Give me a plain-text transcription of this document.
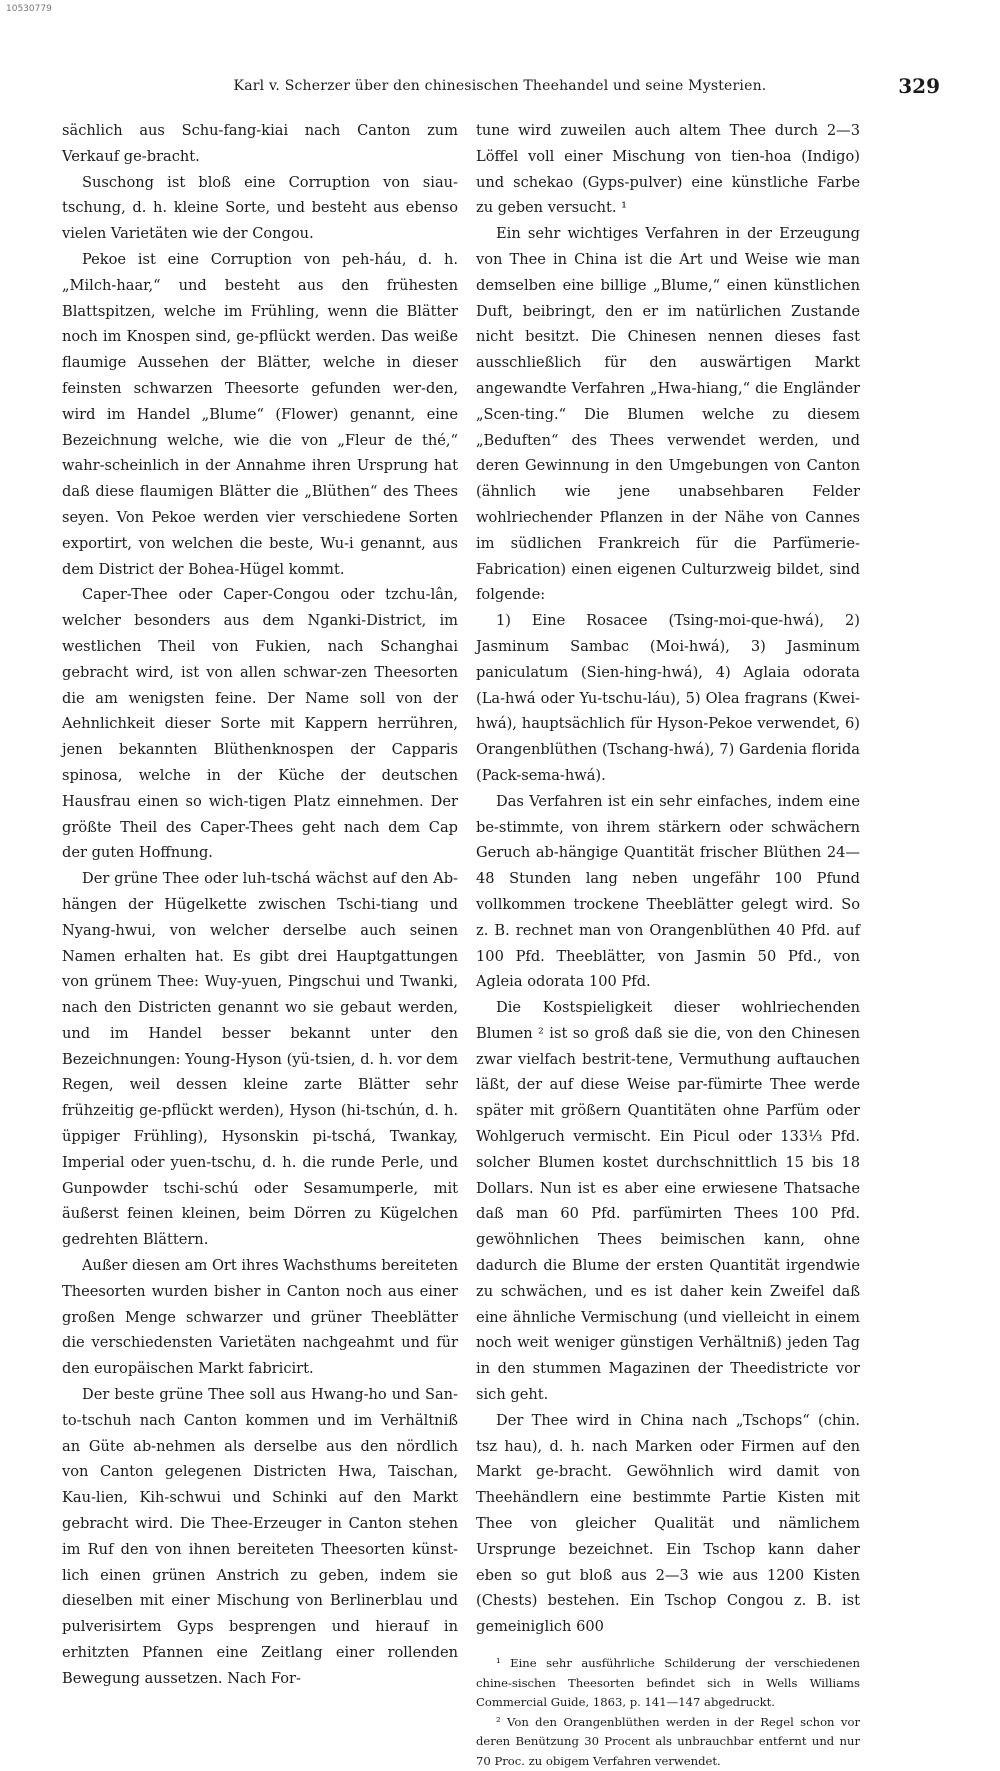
10530779
Karl v. Scherzer über den chinesischen Theehandel und seine Mysterien.	329

sächlich aus Schu-fang-kiai nach Canton zum Verkauf ge-bracht.

Suschong ist bloß eine Corruption von siau-tschung, d. h. kleine Sorte, und besteht aus ebenso vielen Varietäten wie der Congou.

Pekoe ist eine Corruption von peh-háu, d. h. „Milch-haar,“ und besteht aus den frühesten Blattspitzen, welche im Frühling, wenn die Blätter noch im Knospen sind, ge-pflückt werden. Das weiße flaumige Aussehen der Blätter, welche in dieser feinsten schwarzen Theesorte gefunden wer-den, wird im Handel „Blume“ (Flower) genannt, eine Bezeichnung welche, wie die von „Fleur de thé,“ wahr-scheinlich in der Annahme ihren Ursprung hat daß diese flaumigen Blätter die „Blüthen“ des Thees seyen. Von Pekoe werden vier verschiedene Sorten exportirt, von welchen die beste, Wu-i genannt, aus dem District der Bohea-Hügel kommt.

Caper-Thee oder Caper-Congou oder tzchu-lân, welcher besonders aus dem Nganki-District, im westlichen Theil von Fukien, nach Schanghai gebracht wird, ist von allen schwar-zen Theesorten die am wenigsten feine. Der Name soll von der Aehnlichkeit dieser Sorte mit Kappern herrühren, jenen bekannten Blüthenknospen der Capparis spinosa, welche in der Küche der deutschen Hausfrau einen so wich-tigen Platz einnehmen. Der größte Theil des Caper-Thees geht nach dem Cap der guten Hoffnung.

Der grüne Thee oder luh-tschá wächst auf den Ab-hängen der Hügelkette zwischen Tschi-tiang und Nyang-hwui, von welcher derselbe auch seinen Namen erhalten hat. Es gibt drei Hauptgattungen von grünem Thee: Wuy-yuen, Pingschui und Twanki, nach den Districten genannt wo sie gebaut werden, und im Handel besser bekannt unter den Bezeichnungen: Young-Hyson (yü-tsien, d. h. vor dem Regen, weil dessen kleine zarte Blätter sehr frühzeitig ge-pflückt werden), Hyson (hi-tschún, d. h. üppiger Frühling), Hysonskin pi-tschá, Twankay, Imperial oder yuen-tschu, d. h. die runde Perle, und Gunpowder tschi-schú oder Sesamumperle, mit äußerst feinen kleinen, beim Dörren zu Kügelchen gedrehten Blättern.

Außer diesen am Ort ihres Wachsthums bereiteten Theesorten wurden bisher in Canton noch aus einer großen Menge schwarzer und grüner Theeblätter die verschiedensten Varietäten nachgeahmt und für den europäischen Markt fabricirt.

Der beste grüne Thee soll aus Hwang-ho und San-to-tschuh nach Canton kommen und im Verhältniß an Güte ab-nehmen als derselbe aus den nördlich von Canton gelegenen Districten Hwa, Taischan, Kau-lien, Kih-schwui und Schinki auf den Markt gebracht wird. Die Thee-Erzeuger in Canton stehen im Ruf den von ihnen bereiteten Theesorten künst-lich einen grünen Anstrich zu geben, indem sie dieselben mit einer Mischung von Berlinerblau und pulverisirtem Gyps besprengen und hierauf in erhitzten Pfannen eine Zeitlang einer rollenden Bewegung aussetzen. Nach For-

tune wird zuweilen auch altem Thee durch 2—3 Löffel voll einer Mischung von tien-hoa (Indigo) und schekao (Gyps-pulver) eine künstliche Farbe zu geben versucht. ¹

Ein sehr wichtiges Verfahren in der Erzeugung von Thee in China ist die Art und Weise wie man demselben eine billige „Blume,“ einen künstlichen Duft, beibringt, den er im natürlichen Zustande nicht besitzt. Die Chinesen nennen dieses fast ausschließlich für den auswärtigen Markt angewandte Verfahren „Hwa-hiang,“ die Engländer „Scen-ting.“ Die Blumen welche zu diesem „Beduften“ des Thees verwendet werden, und deren Gewinnung in den Umgebungen von Canton (ähnlich wie jene unabsehbaren Felder wohlriechender Pflanzen in der Nähe von Cannes im südlichen Frankreich für die Parfümerie-Fabrication) einen eigenen Culturzweig bildet, sind folgende:

1) Eine Rosacee (Tsing-moi-que-hwá), 2) Jasminum Sambac (Moi-hwá), 3) Jasminum paniculatum (Sien-hing-hwá), 4) Aglaia odorata (La-hwá oder Yu-tschu-láu), 5) Olea fragrans (Kwei-hwá), hauptsächlich für Hyson-Pekoe verwendet, 6) Orangenblüthen (Tschang-hwá), 7) Gardenia florida (Pack-sema-hwá).

Das Verfahren ist ein sehr einfaches, indem eine be-stimmte, von ihrem stärkern oder schwächern Geruch ab-hängige Quantität frischer Blüthen 24—48 Stunden lang neben ungefähr 100 Pfund vollkommen trockene Theeblätter gelegt wird. So z. B. rechnet man von Orangenblüthen 40 Pfd. auf 100 Pfd. Theeblätter, von Jasmin 50 Pfd., von Agleia odorata 100 Pfd.

Die Kostspieligkeit dieser wohlriechenden Blumen ² ist so groß daß sie die, von den Chinesen zwar vielfach bestrit-tene, Vermuthung auftauchen läßt, der auf diese Weise par-fümirte Thee werde später mit größern Quantitäten ohne Parfüm oder Wohlgeruch vermischt. Ein Picul oder 133⅓ Pfd. solcher Blumen kostet durchschnittlich 15 bis 18 Dollars. Nun ist es aber eine erwiesene Thatsache daß man 60 Pfd. parfümirten Thees 100 Pfd. gewöhnlichen Thees beimischen kann, ohne dadurch die Blume der ersten Quantität irgendwie zu schwächen, und es ist daher kein Zweifel daß eine ähnliche Vermischung (und vielleicht in einem noch weit weniger günstigen Verhältniß) jeden Tag in den stummen Magazinen der Theedistricte vor sich geht.

Der Thee wird in China nach „Tschops“ (chin. tsz hau), d. h. nach Marken oder Firmen auf den Markt ge-bracht. Gewöhnlich wird damit von Theehändlern eine bestimmte Partie Kisten mit Thee von gleicher Qualität und nämlichem Ursprunge bezeichnet. Ein Tschop kann daher eben so gut bloß aus 2—3 wie aus 1200 Kisten (Chests) bestehen. Ein Tschop Congou z. B. ist gemeiniglich 600

¹ Eine sehr ausführliche Schilderung der verschiedenen chine-sischen Theesorten befindet sich in Wells Williams Commercial Guide, 1863, p. 141—147 abgedruckt.

² Von den Orangenblüthen werden in der Regel schon vor deren Benützung 30 Procent als unbrauchbar entfernt und nur 70 Proc. zu obigem Verfahren verwendet.
